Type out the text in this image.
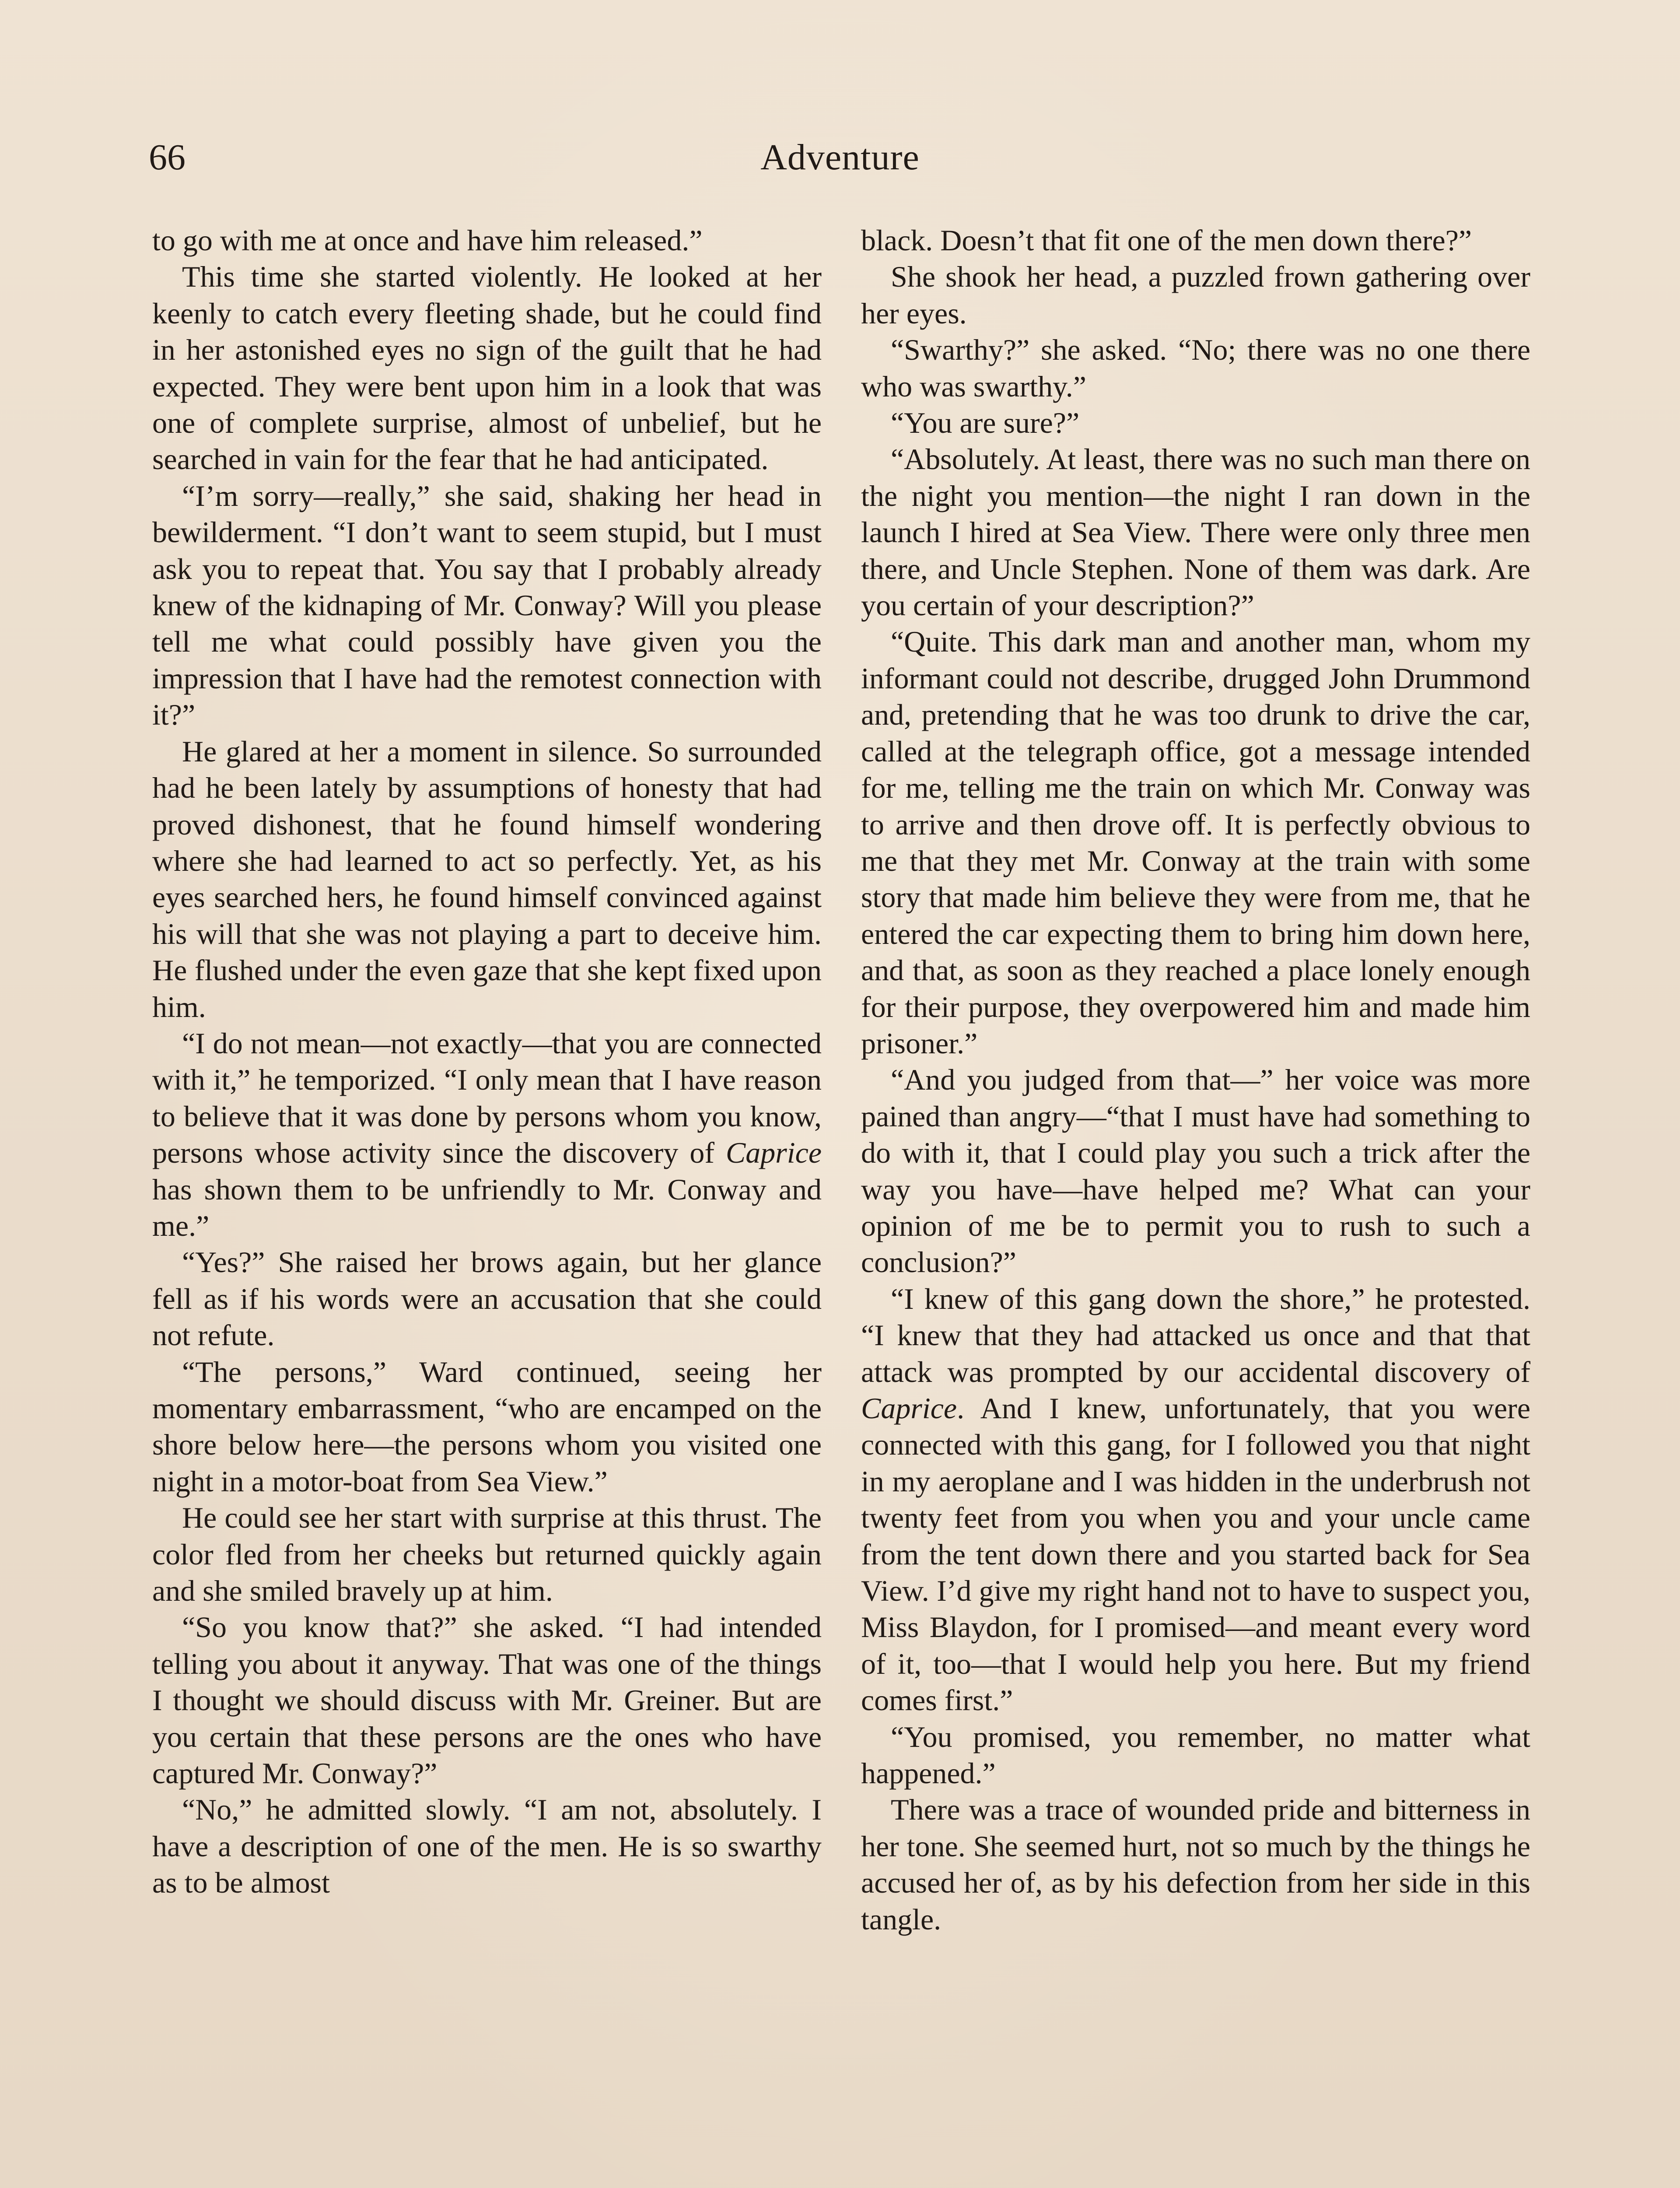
Adventure
66

to go with me at once and have him released.”

This time she started violently. He looked at her keenly to catch every fleeting shade, but he could find in her astonished eyes no sign of the guilt that he had expected. They were bent upon him in a look that was one of complete surprise, almost of unbelief, but he searched in vain for the fear that he had anticipated.

“I’m sorry—really,” she said, shaking her head in bewilderment. “I don’t want to seem stupid, but I must ask you to repeat that. You say that I probably already knew of the kidnaping of Mr. Conway? Will you please tell me what could possibly have given you the impression that I have had the remotest connection with it?”

He glared at her a moment in silence. So surrounded had he been lately by assumptions of honesty that had proved dishonest, that he found himself wondering where she had learned to act so perfectly. Yet, as his eyes searched hers, he found himself convinced against his will that she was not playing a part to deceive him. He flushed under the even gaze that she kept fixed upon him.

“I do not mean—not exactly—that you are connected with it,” he temporized. “I only mean that I have reason to believe that it was done by persons whom you know, persons whose activity since the discovery of Caprice has shown them to be unfriendly to Mr. Conway and me.”

“Yes?” She raised her brows again, but her glance fell as if his words were an accusation that she could not refute.

“The persons,” Ward continued, seeing her momentary embarrassment, “who are encamped on the shore below here—the persons whom you visited one night in a motor-boat from Sea View.”

He could see her start with surprise at this thrust. The color fled from her cheeks but returned quickly again and she smiled bravely up at him.

“So you know that?” she asked. “I had intended telling you about it anyway. That was one of the things I thought we should discuss with Mr. Greiner. But are you certain that these persons are the ones who have captured Mr. Conway?”

“No,” he admitted slowly. “I am not, absolutely. I have a description of one of the men. He is so swarthy as to be almost

black. Doesn’t that fit one of the men down there?”

She shook her head, a puzzled frown gathering over her eyes.

“Swarthy?” she asked. “No; there was no one there who was swarthy.”

“You are sure?”

“Absolutely. At least, there was no such man there on the night you mention—the night I ran down in the launch I hired at Sea View. There were only three men there, and Uncle Stephen. None of them was dark. Are you certain of your description?”

“Quite. This dark man and another man, whom my informant could not describe, drugged John Drummond and, pretending that he was too drunk to drive the car, called at the telegraph office, got a message intended for me, telling me the train on which Mr. Conway was to arrive and then drove off. It is perfectly obvious to me that they met Mr. Conway at the train with some story that made him believe they were from me, that he entered the car expecting them to bring him down here, and that, as soon as they reached a place lonely enough for their purpose, they overpowered him and made him prisoner.”

“And you judged from that—” her voice was more pained than angry—“that I must have had something to do with it, that I could play you such a trick after the way you have—have helped me? What can your opinion of me be to permit you to rush to such a conclusion?”

“I knew of this gang down the shore,” he protested. “I knew that they had attacked us once and that that attack was prompted by our accidental discovery of Caprice. And I knew, unfortunately, that you were connected with this gang, for I followed you that night in my aeroplane and I was hidden in the underbrush not twenty feet from you when you and your uncle came from the tent down there and you started back for Sea View. I’d give my right hand not to have to suspect you, Miss Blaydon, for I promised—and meant every word of it, too—that I would help you here. But my friend comes first.”

“You promised, you remember, no matter what happened.”

There was a trace of wounded pride and bitterness in her tone. She seemed hurt, not so much by the things he accused her of, as by his defection from her side in this tangle.
